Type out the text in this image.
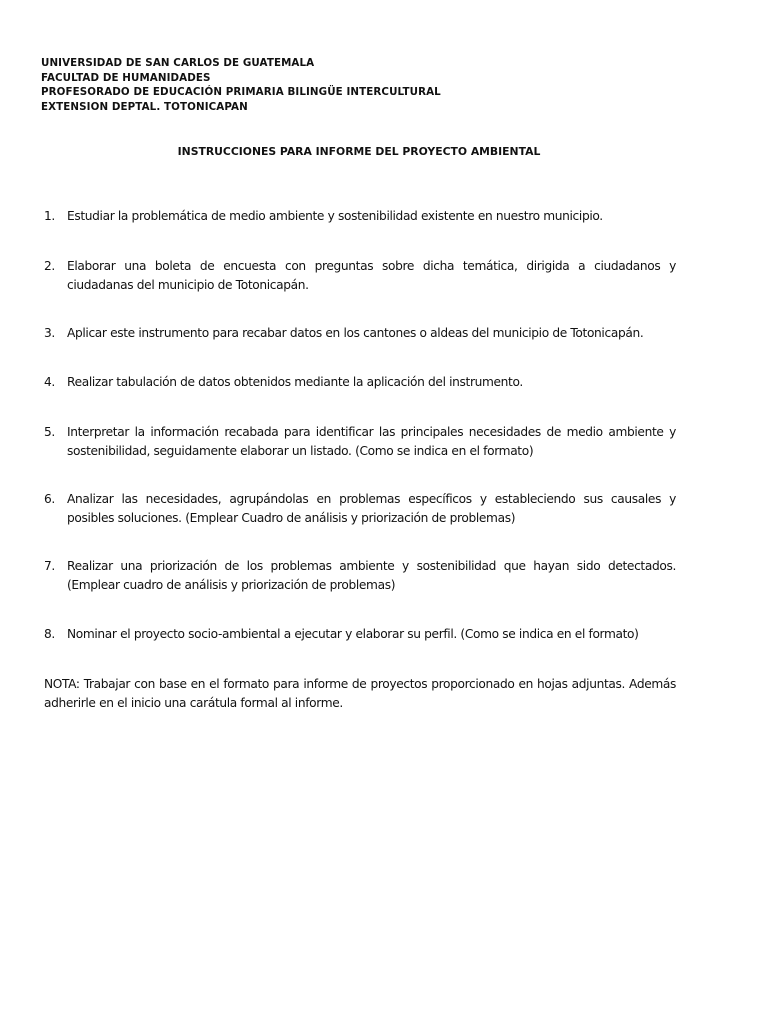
UNIVERSIDAD DE SAN CARLOS DE GUATEMALA
FACULTAD DE HUMANIDADES
PROFESORADO DE EDUCACIÓN PRIMARIA BILINGÜE INTERCULTURAL
EXTENSION DEPTAL. TOTONICAPAN
INSTRUCCIONES PARA INFORME DEL PROYECTO AMBIENTAL
1. Estudiar la problemática de medio ambiente y sostenibilidad existente en nuestro municipio.
2. Elaborar una boleta de encuesta con preguntas sobre dicha temática, dirigida a ciudadanos y ciudadanas del municipio de Totonicapán.
3. Aplicar este instrumento para recabar datos en los cantones o aldeas del municipio de Totonicapán.
4. Realizar tabulación de datos obtenidos mediante la aplicación del instrumento.
5. Interpretar la información recabada para identificar las principales necesidades de medio ambiente y sostenibilidad, seguidamente elaborar un listado. (Como se indica en el formato)
6. Analizar las necesidades, agrupándolas en problemas específicos y estableciendo sus causales y posibles soluciones. (Emplear Cuadro de análisis y priorización de problemas)
7. Realizar una priorización de los problemas ambiente y sostenibilidad que hayan sido detectados. (Emplear cuadro de análisis y priorización de problemas)
8. Nominar el proyecto socio-ambiental a ejecutar y elaborar su perfil. (Como se indica en el formato)
NOTA: Trabajar con base en el formato para informe de proyectos proporcionado en hojas adjuntas. Además adherirle en el inicio una carátula formal al informe.
